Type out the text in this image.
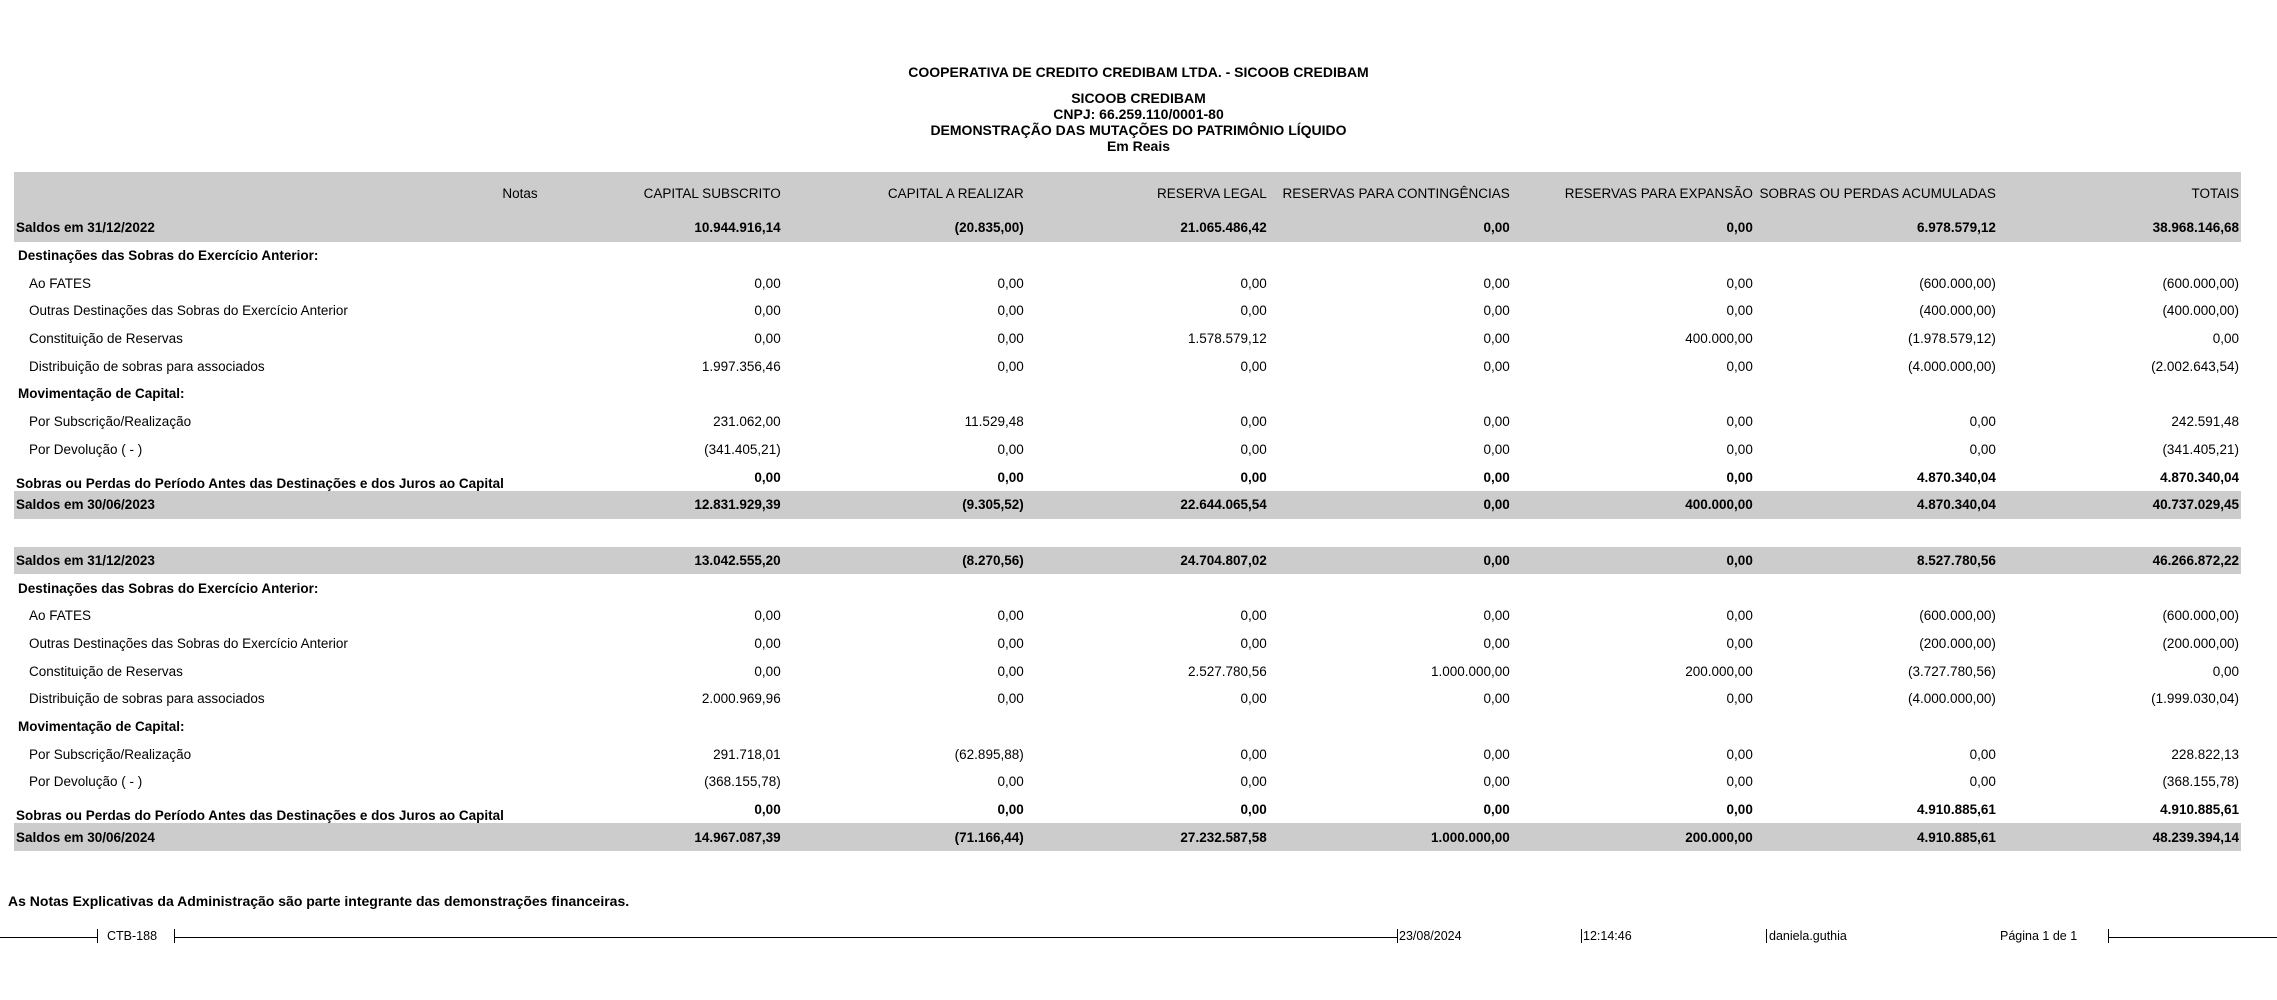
COOPERATIVA DE CREDITO CREDIBAM LTDA. - SICOOB CREDIBAM
SICOOB CREDIBAM
CNPJ: 66.259.110/0001-80
DEMONSTRAÇÃO DAS MUTAÇÕES DO PATRIMÔNIO LÍQUIDO
Em Reais
Notas	CAPITAL SUBSCRITO	CAPITAL A REALIZAR	RESERVA LEGAL	RESERVAS PARA CONTINGÊNCIAS	RESERVAS PARA EXPANSÃO	SOBRAS OU PERDAS ACUMULADAS	TOTAIS
Saldos em 31/12/2022	10.944.916,14	(20.835,00)	21.065.486,42	0,00	0,00	6.978.579,12	38.968.146,68
Destinações das Sobras do Exercício Anterior:							
Ao FATES	0,00	0,00	0,00	0,00	0,00	(600.000,00)	(600.000,00)
Outras Destinações das Sobras do Exercício Anterior	0,00	0,00	0,00	0,00	0,00	(400.000,00)	(400.000,00)
Constituição de Reservas	0,00	0,00	1.578.579,12	0,00	400.000,00	(1.978.579,12)	0,00
Distribuição de sobras para associados	1.997.356,46	0,00	0,00	0,00	0,00	(4.000.000,00)	(2.002.643,54)
Movimentação de Capital:							
Por Subscrição/Realização	231.062,00	11.529,48	0,00	0,00	0,00	0,00	242.591,48
Por Devolução ( - )	(341.405,21)	0,00	0,00	0,00	0,00	0,00	(341.405,21)
Sobras ou Perdas do Período Antes das Destinações e dos Juros ao Capital	0,00	0,00	0,00	0,00	0,00	4.870.340,04	4.870.340,04
Saldos em 30/06/2023	12.831.929,39	(9.305,52)	22.644.065,54	0,00	400.000,00	4.870.340,04	40.737.029,45

Saldos em 31/12/2023	13.042.555,20	(8.270,56)	24.704.807,02	0,00	0,00	8.527.780,56	46.266.872,22
Destinações das Sobras do Exercício Anterior:							
Ao FATES	0,00	0,00	0,00	0,00	0,00	(600.000,00)	(600.000,00)
Outras Destinações das Sobras do Exercício Anterior	0,00	0,00	0,00	0,00	0,00	(200.000,00)	(200.000,00)
Constituição de Reservas	0,00	0,00	2.527.780,56	1.000.000,00	200.000,00	(3.727.780,56)	0,00
Distribuição de sobras para associados	2.000.969,96	0,00	0,00	0,00	0,00	(4.000.000,00)	(1.999.030,04)
Movimentação de Capital:							
Por Subscrição/Realização	291.718,01	(62.895,88)	0,00	0,00	0,00	0,00	228.822,13
Por Devolução ( - )	(368.155,78)	0,00	0,00	0,00	0,00	0,00	(368.155,78)
Sobras ou Perdas do Período Antes das Destinações e dos Juros ao Capital	0,00	0,00	0,00	0,00	0,00	4.910.885,61	4.910.885,61
Saldos em 30/06/2024	14.967.087,39	(71.166,44)	27.232.587,58	1.000.000,00	200.000,00	4.910.885,61	48.239.394,14
As Notas Explicativas da Administração são parte integrante das demonstrações financeiras.
CTB-188	23/08/2024	12:14:46	daniela.guthia	Página 1 de 1
